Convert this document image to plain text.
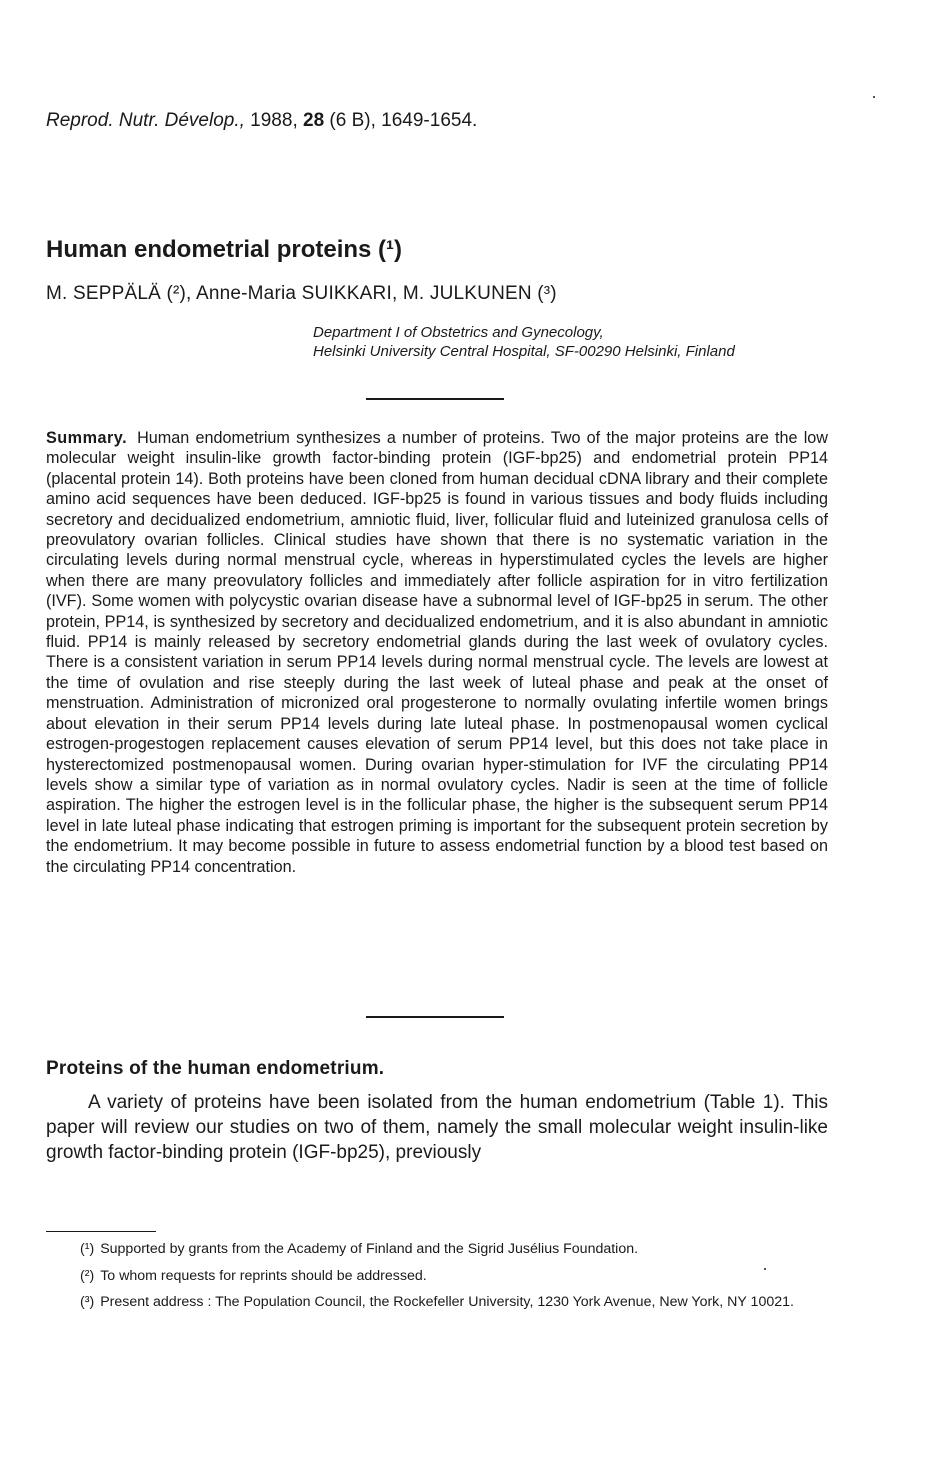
Reprod. Nutr. Dévelop., 1988, 28 (6 B), 1649-1654.
Human endometrial proteins (¹)
M. SEPPÄLÄ (²), Anne-Maria SUIKKARI, M. JULKUNEN (³)
Department I of Obstetrics and Gynecology,
Helsinki University Central Hospital, SF-00290 Helsinki, Finland
Summary. Human endometrium synthesizes a number of proteins. Two of the major proteins are the low molecular weight insulin-like growth factor-binding protein (IGF-bp25) and endometrial protein PP14 (placental protein 14). Both proteins have been cloned from human decidual cDNA library and their complete amino acid sequences have been deduced. IGF-bp25 is found in various tissues and body fluids including secretory and decidualized endometrium, amniotic fluid, liver, follicular fluid and luteinized granulosa cells of preovulatory ovarian follicles. Clinical studies have shown that there is no systematic variation in the circulating levels during normal menstrual cycle, whereas in hyperstimulated cycles the levels are higher when there are many preovulatory follicles and immediately after follicle aspiration for in vitro fertilization (IVF). Some women with polycystic ovarian disease have a subnormal level of IGF-bp25 in serum. The other protein, PP14, is synthesized by secretory and decidualized endometrium, and it is also abundant in amniotic fluid. PP14 is mainly released by secretory endometrial glands during the last week of ovulatory cycles. There is a consistent variation in serum PP14 levels during normal menstrual cycle. The levels are lowest at the time of ovulation and rise steeply during the last week of luteal phase and peak at the onset of menstruation. Administration of micronized oral progesterone to normally ovulating infertile women brings about elevation in their serum PP14 levels during late luteal phase. In postmenopausal women cyclical estrogen-progestogen replacement causes elevation of serum PP14 level, but this does not take place in hysterectomized postmenopausal women. During ovarian hyper-stimulation for IVF the circulating PP14 levels show a similar type of variation as in normal ovulatory cycles. Nadir is seen at the time of follicle aspiration. The higher the estrogen level is in the follicular phase, the higher is the subsequent serum PP14 level in late luteal phase indicating that estrogen priming is important for the subsequent protein secretion by the endometrium. It may become possible in future to assess endometrial function by a blood test based on the circulating PP14 concentration.
Proteins of the human endometrium.
A variety of proteins have been isolated from the human endometrium (Table 1). This paper will review our studies on two of them, namely the small molecular weight insulin-like growth factor-binding protein (IGF-bp25), previously
(¹) Supported by grants from the Academy of Finland and the Sigrid Jusélius Foundation.
(²) To whom requests for reprints should be addressed.
(³) Present address : The Population Council, the Rockefeller University, 1230 York Avenue, New York, NY 10021.
